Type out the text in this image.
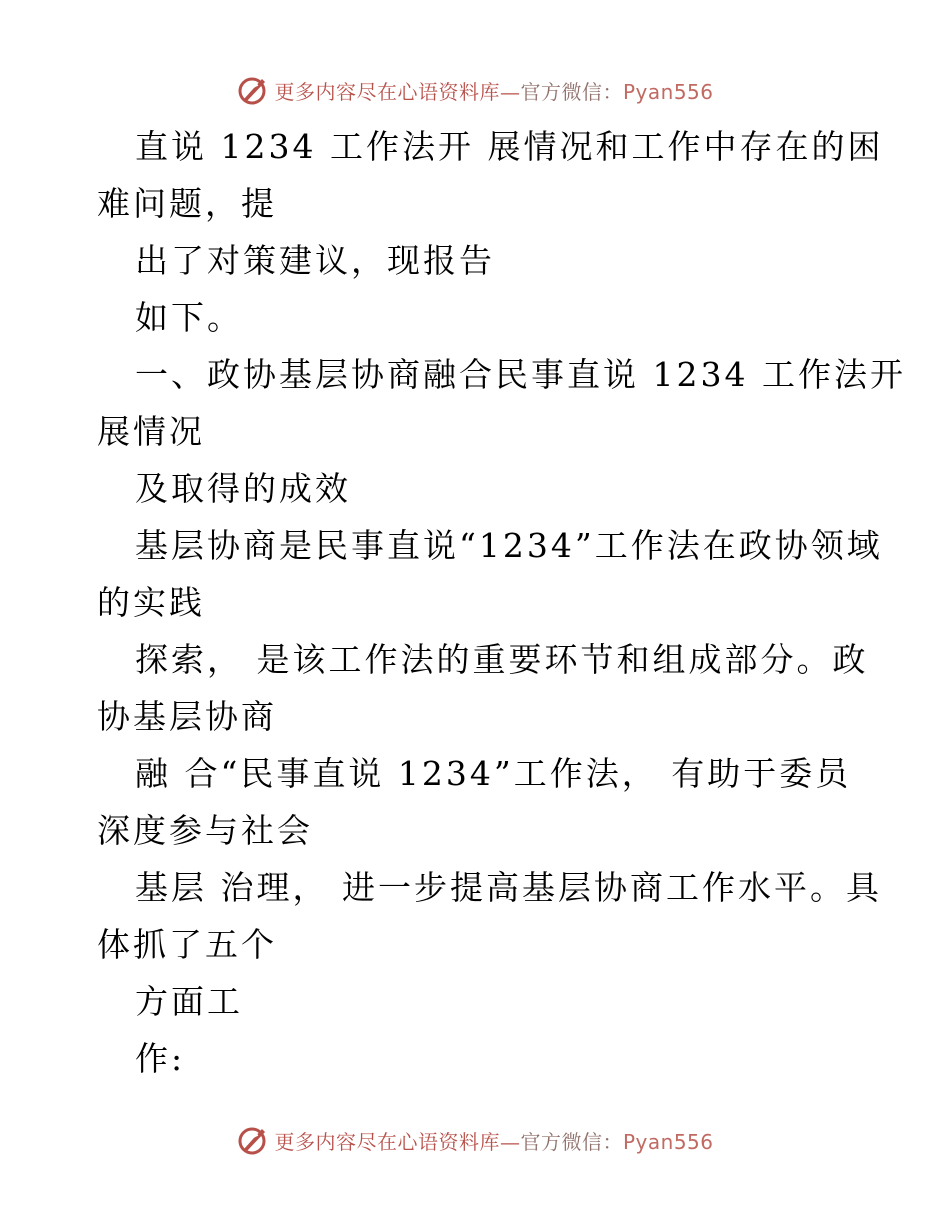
更多内容尽在心语资料库—官方微信：Pyan556
直说 1234 工作法开 展情况和工作中存在的困
难问题，提
出了对策建议，现报告
如下。
一、政协基层协商融合民事直说 1234 工作法开
展情况
及取得的成效
基层协商是民事直说“1234”工作法在政协领域
的实践
探索， 是该工作法的重要环节和组成部分。政
协基层协商
融 合“民事直说 1234”工作法， 有助于委员
深度参与社会
基层 治理， 进一步提高基层协商工作水平。具
体抓了五个
方面工
作:
更多内容尽在心语资料库—官方微信：Pyan556
